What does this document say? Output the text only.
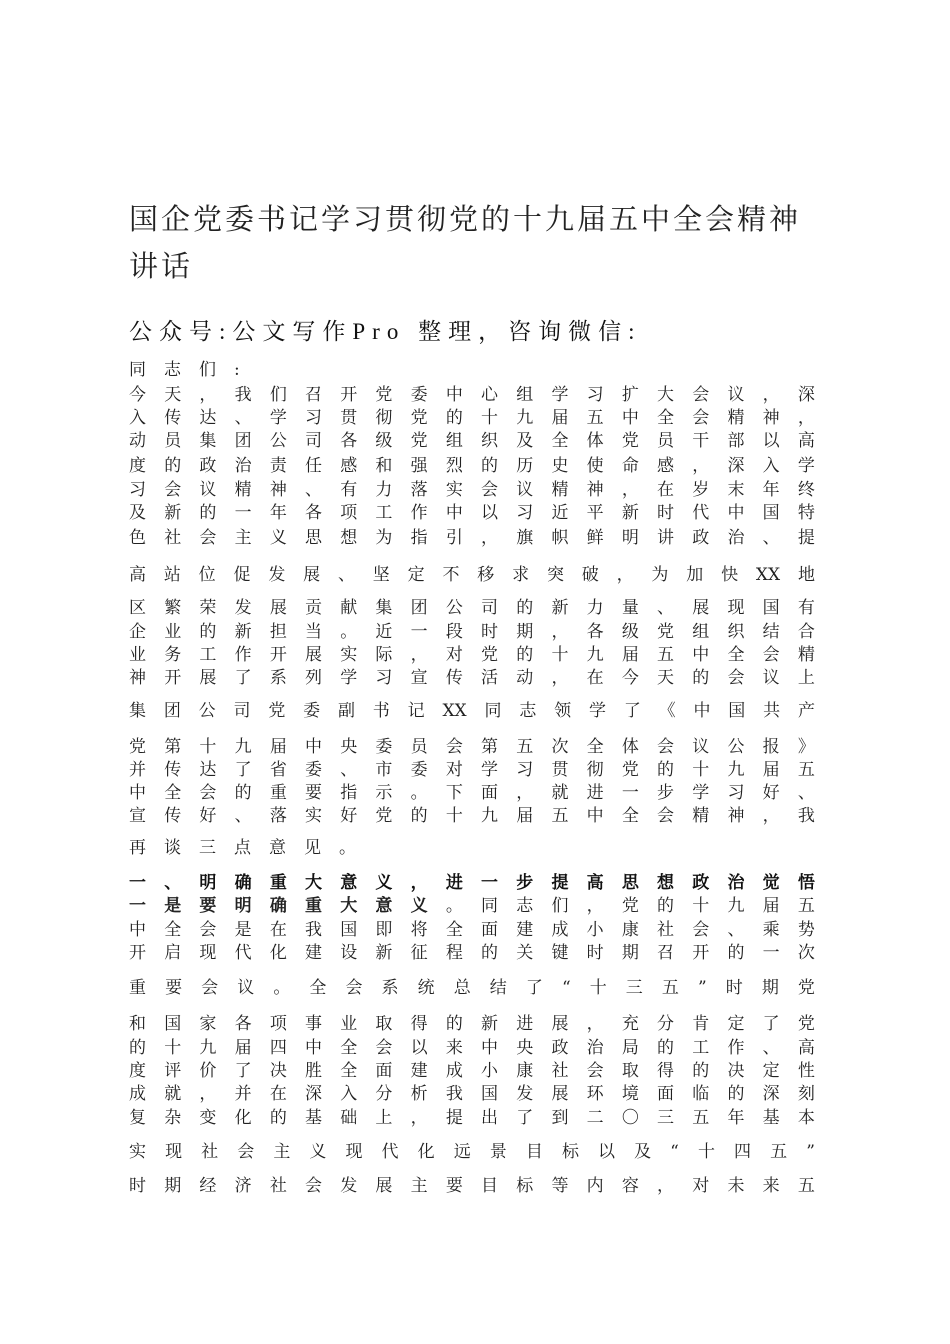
国企党委书记学习贯彻党的十九届五中全会精神讲话
公众号:公文写作Pro 整理，咨询微信:
同 志 们 :
今 天 ， 我 们 召 开 党 委 中 心 组 学 习 扩 大 会 议 ， 深
入 传 达 、 学 习 贯 彻 党 的 十 九 届 五 中 全 会 精 神 ，
动 员 集 团 公 司 各 级 党 组 织 及 全 体 党 员 干 部 以 高
度 的 政 治 责 任 感 和 强 烈 的 历 史 使 命 感 ， 深 入 学
习 会 议 精 神 、 有 力 落 实 会 议 精 神 ， 在 岁 末 年 终
及 新 的 一 年 各 项 工 作 中 以 习 近 平 新 时 代 中 国 特
色 社 会 主 义 思 想 为 指 引 ， 旗 帜 鲜 明 讲 政 治 、 提
高 站 位 促 发 展 、 坚 定 不 移 求 突 破 ， 为 加 快 XX 地
区 繁 荣 发 展 贡 献 集 团 公 司 的 新 力 量 、 展 现 国 有
企 业 的 新 担 当 。 近 一 段 时 期 ， 各 级 党 组 织 结 合
业 务 工 作 开 展 实 际 ， 对 党 的 十 九 届 五 中 全 会 精
神 开 展 了 系 列 学 习 宣 传 活 动 ， 在 今 天 的 会 议 上
集 团 公 司 党 委 副 书 记 XX 同 志 领 学 了 《 中 国 共 产
党 第 十 九 届 中 央 委 员 会 第 五 次 全 体 会 议 公 报 》
并 传 达 了 省 委 、 市 委 对 学 习 贯 彻 党 的 十 九 届 五
中 全 会 的 重 要 指 示 。 下 面 ， 就 进 一 步 学 习 好 、
宣 传 好 、 落 实 好 党 的 十 九 届 五 中 全 会 精 神 ， 我
再 谈 三 点 意 见 。
一 、 明 确 重 大 意 义 ， 进 一 步 提 高 思 想 政 治 觉 悟
一 是 要 明 确 重 大 意 义 。 同 志 们 ， 党 的 十 九 届 五
中 全 会 是 在 我 国 即 将 全 面 建 成 小 康 社 会 、 乘 势
开 启 现 代 化 建 设 新 征 程 的 关 键 时 期 召 开 的 一 次
重 要 会 议 。 全 会 系 统 总 结 了 “ 十 三 五 ” 时 期 党
和 国 家 各 项 事 业 取 得 的 新 进 展 ， 充 分 肯 定 了 党
的 十 九 届 四 中 全 会 以 来 中 央 政 治 局 的 工 作 、 高
度 评 价 了 决 胜 全 面 建 成 小 康 社 会 取 得 的 决 定 性
成 就 ， 并 在 深 入 分 析 我 国 发 展 环 境 面 临 的 深 刻
复 杂 变 化 的 基 础 上 ， 提 出 了 到 二 〇 三 五 年 基 本
实 现 社 会 主 义 现 代 化 远 景 目 标 以 及 “ 十 四 五 ”
时 期 经 济 社 会 发 展 主 要 目 标 等 内 容 ， 对 未 来 五
